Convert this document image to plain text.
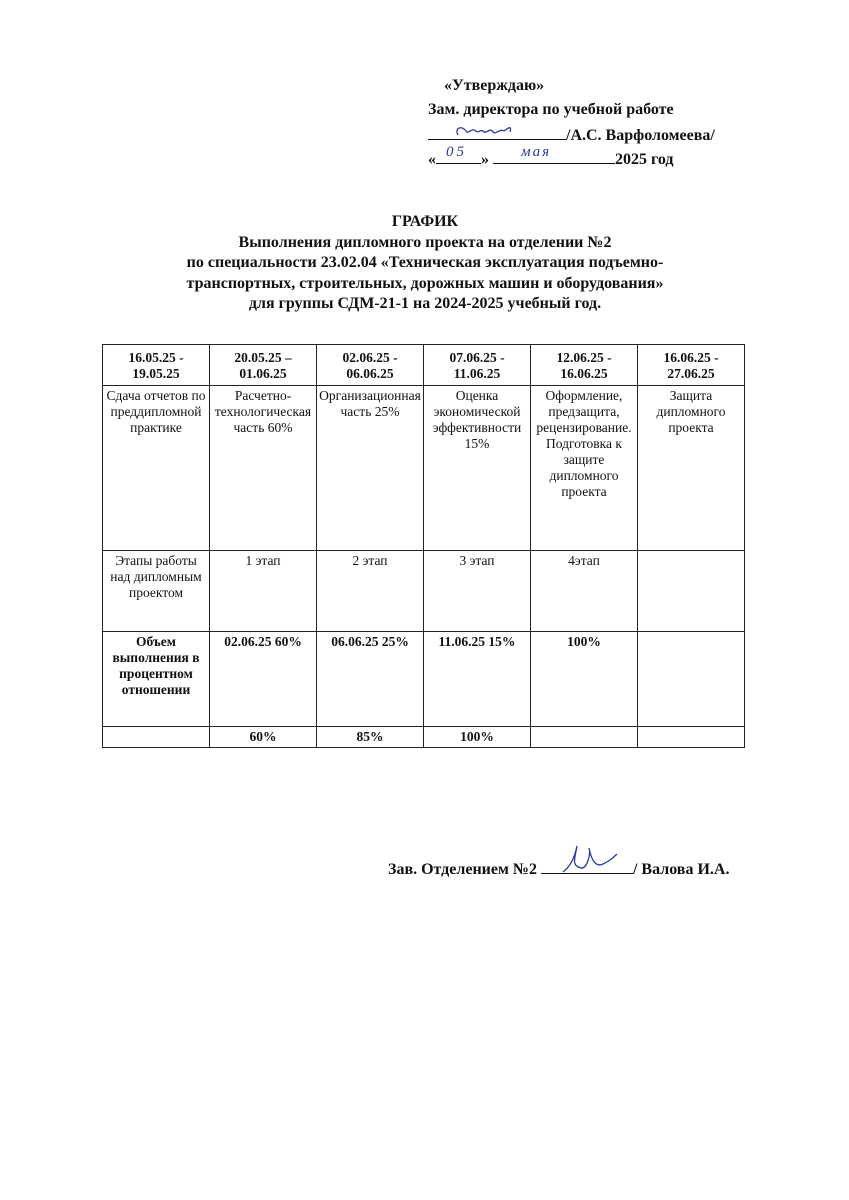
«Утверждаю»
Зам. директора по учебной работе
/А.С. Варфоломеева/
« 05 » мая	2025 год
ГРАФИК
Выполнения дипломного проекта на отделении №2
по специальности 23.02.04 «Техническая эксплуатация подъемно-
транспортных, строительных, дорожных машин и оборудования»
для группы СДМ-21-1 на 2024-2025 учебный год.
16.05.25 - 19.05.25	20.05.25 – 01.06.25	02.06.25 - 06.06.25	07.06.25 - 11.06.25	12.06.25 - 16.06.25	16.06.25 - 27.06.25
Сдача отчетов по преддипломной практике	Расчетно-технологическая часть 60%	Организационная часть 25%	Оценка экономической эффективности 15%	Оформление, предзащита, рецензирование. Подготовка к защите дипломного проекта	Защита дипломного проекта
Этапы работы над дипломным проектом	1 этап	2 этап	3 этап	4этап	
Объем выполнения в процентном отношении	02.06.25 60%	06.06.25 25%	11.06.25 15%	100%	
	60%	85%	100%		
Зав. Отделением №2	/ Валова И.А.
